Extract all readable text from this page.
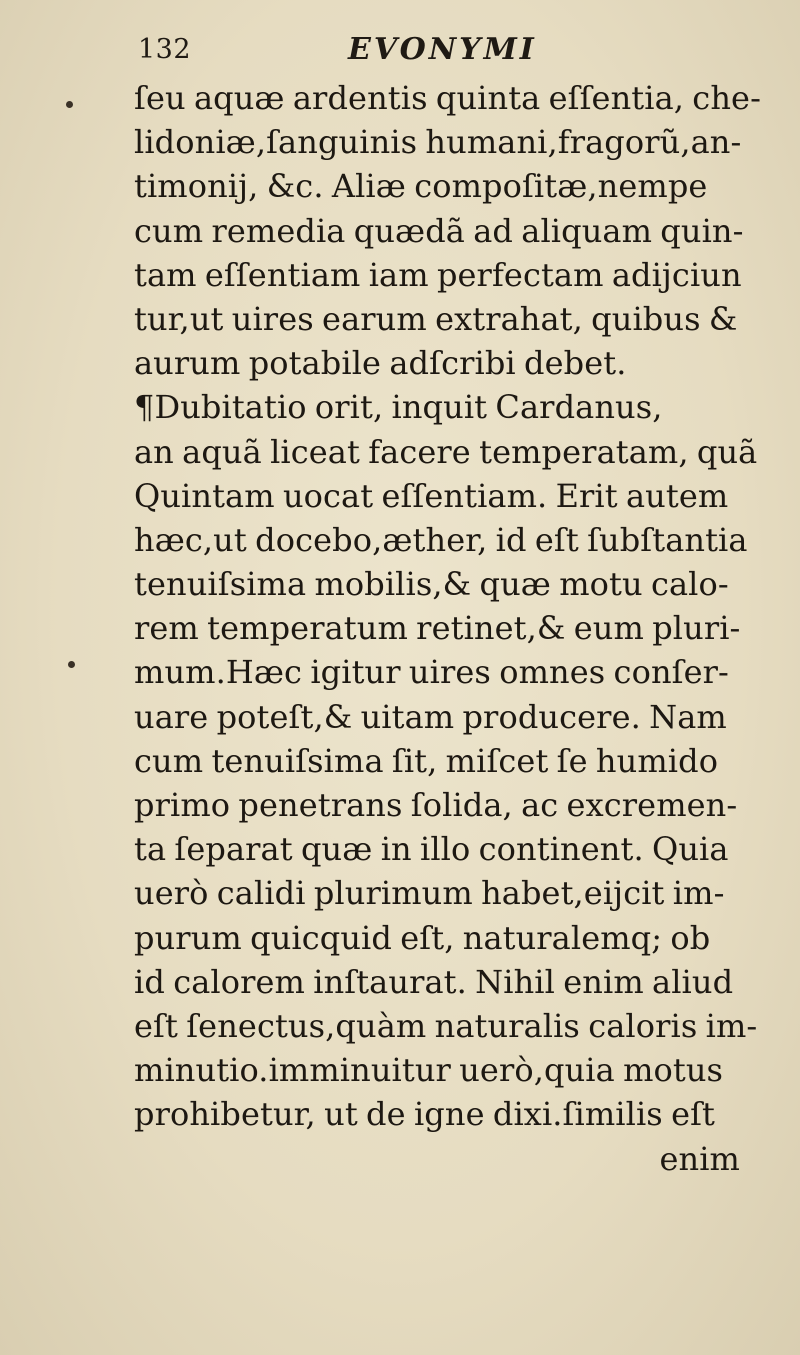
132	EVONYMI
ſeu aquæ ardentis quinta eſſentia, che-
lidoniæ,ſanguinis humani,fragorũ,an-
timonij, &c. Aliæ compoſitæ,nempe
cum remedia quædã ad aliquam quin-
tam eſſentiam iam perfectam adijciun
tur,ut uires earum extrahat, quibus &
aurum potabile adſcribi debet.
¶Dubitatio orit, inquit Cardanus,
an aquã liceat facere temperatam, quã
Quintam uocat eſſentiam. Erit autem
hæc,ut docebo,æther, id eſt ſubſtantia
tenuiſsima mobilis,& quæ motu calo-
rem temperatum retinet,& eum pluri-
mum.Hæc igitur uires omnes conſer-
uare poteſt,& uitam producere. Nam
cum tenuiſsima ſit, miſcet ſe humido
primo penetrans ſolida, ac excremen-
ta ſeparat quæ in illo continent. Quia
uerò calidi plurimum habet,eijcit im-
purum quicquid eſt, naturalemq; ob
id calorem inſtaurat. Nihil enim aliud
eſt ſenectus,quàm naturalis caloris im-
minutio.imminuitur uerò,quia motus
prohibetur, ut de igne dixi.ſimilis eſt
enim
